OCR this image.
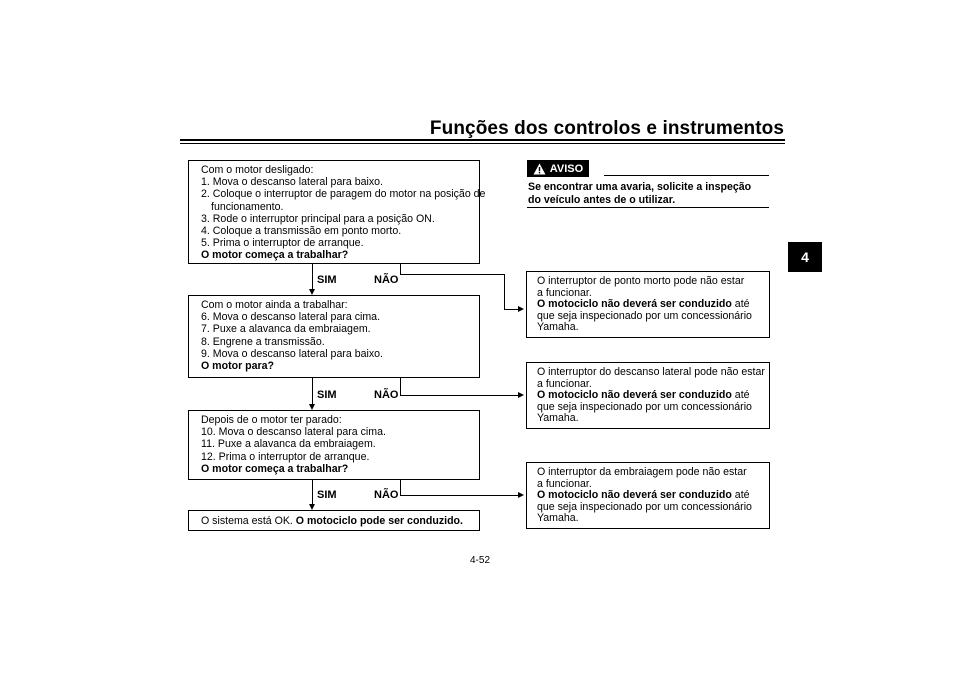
Funções dos controlos e instrumentos
4
Com o motor desligado:
1. Mova o descanso lateral para baixo.
2. Coloque o interruptor de paragem do motor na posição de
funcionamento.
3. Rode o interruptor principal para a posição ON.
4. Coloque a transmissão em ponto morto.
5. Prima o interruptor de arranque.
O motor começa a trabalhar?
SIM	NÃO
Com o motor ainda a trabalhar:
6. Mova o descanso lateral para cima.
7. Puxe a alavanca da embraiagem.
8. Engrene a transmissão.
9. Mova o descanso lateral para baixo.
O motor para?
SIM	NÃO
Depois de o motor ter parado:
10. Mova o descanso lateral para cima.
11. Puxe a alavanca da embraiagem.
12. Prima o interruptor de arranque.
O motor começa a trabalhar?
SIM	NÃO
O sistema está OK. O motociclo pode ser conduzido.
AVISO
Se encontrar uma avaria, solicite a inspeção
do veículo antes de o utilizar.
O interruptor de ponto morto pode não estar
a funcionar.
O motociclo não deverá ser conduzido até
que seja inspecionado por um concessionário
Yamaha.
O interruptor do descanso lateral pode não estar
a funcionar.
O motociclo não deverá ser conduzido até
que seja inspecionado por um concessionário
Yamaha.
O interruptor da embraiagem pode não estar
a funcionar.
O motociclo não deverá ser conduzido até
que seja inspecionado por um concessionário
Yamaha.
4-52
